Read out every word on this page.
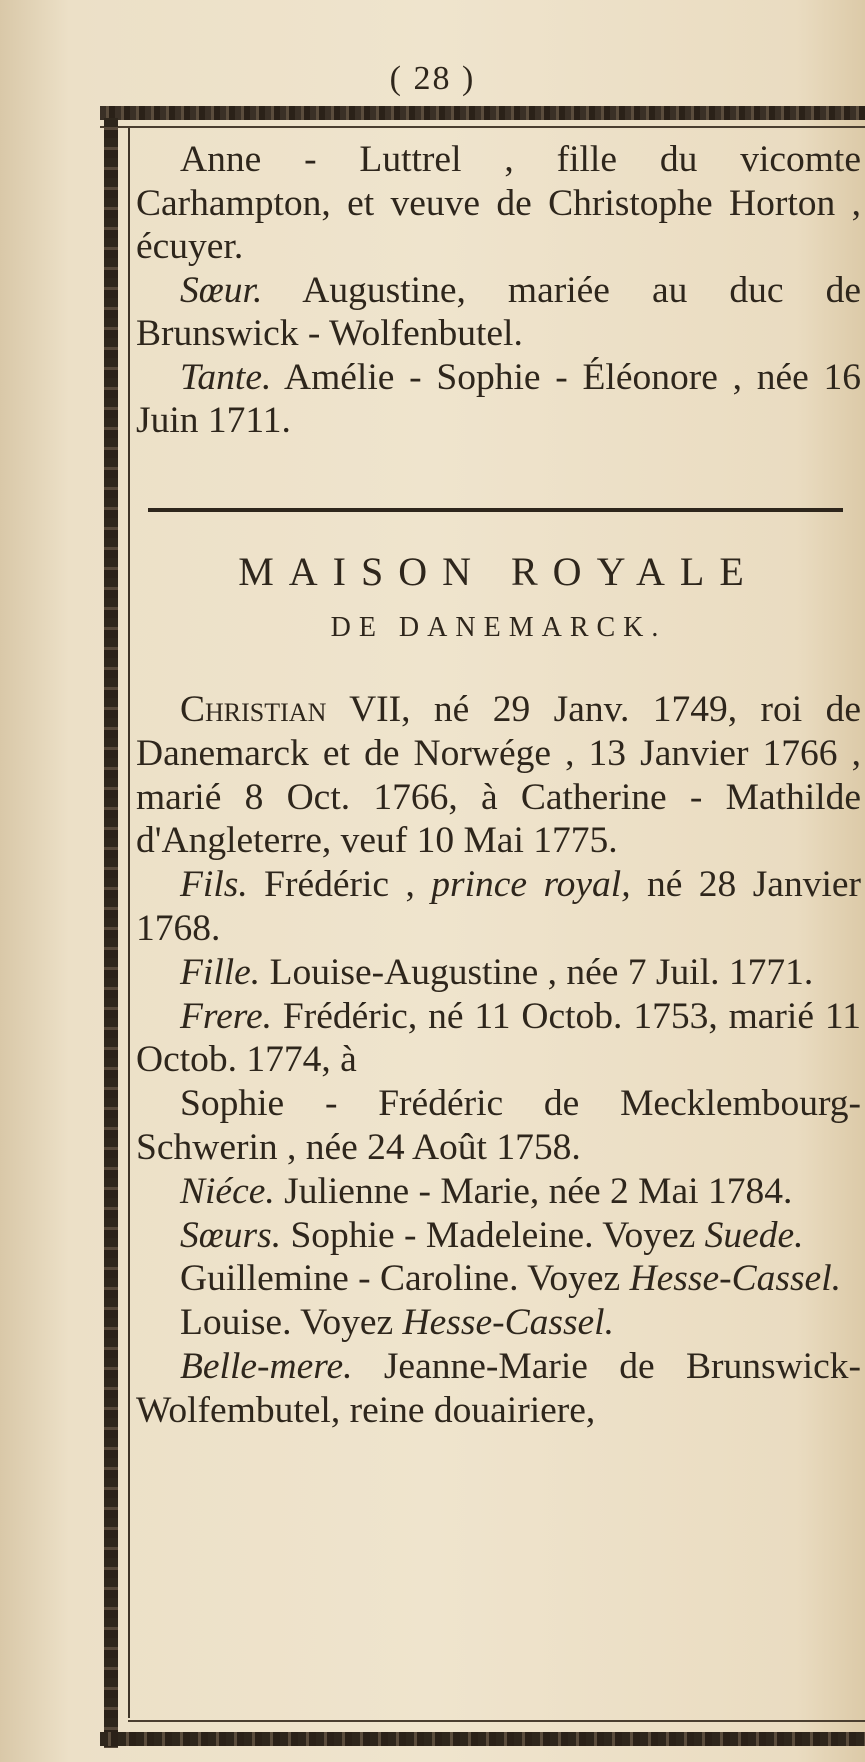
( 28 )

Anne - Luttrel , fille du vicomte Carhampton, et veuve de Christophe Horton , écuyer.

Sœur. Augustine, mariée au duc de Brunswick - Wolfenbutel.

Tante. Amélie - Sophie - Éléonore , née 16 Juin 1711.

MAISON ROYALE
DE DANEMARCK.

Christian VII, né 29 Janv. 1749, roi de Danemarck et de Norwége , 13 Janvier 1766 , marié 8 Oct. 1766, à Catherine - Mathilde d'Angleterre, veuf 10 Mai 1775.

Fils. Frédéric , prince royal, né 28 Janvier 1768.

Fille. Louise-Augustine , née 7 Juil. 1771.

Frere. Frédéric, né 11 Octob. 1753, marié 11 Octob. 1774, à

Sophie - Frédéric de Mecklembourg-Schwerin , née 24 Août 1758.

Niéce. Julienne - Marie, née 2 Mai 1784.

Sœurs. Sophie - Madeleine. Voyez Suede.

Guillemine - Caroline. Voyez Hesse-Cassel.

Louise. Voyez Hesse-Cassel.

Belle-mere. Jeanne-Marie de Brunswick-Wolfembutel, reine douairiere,
